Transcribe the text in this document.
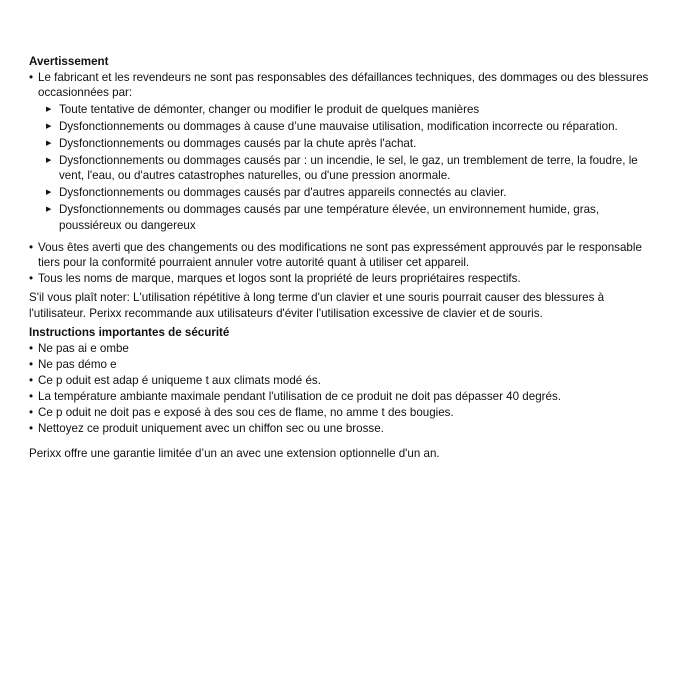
Avertissement
• Le fabricant et les revendeurs ne sont pas responsables des défaillances techniques, des dommages ou des blessures occasionnées par:
▶ Toute tentative de démonter, changer ou modifier le produit de quelques manières
▶ Dysfonctionnements ou dommages à cause d’une mauvaise utilisation, modification incorrecte ou réparation.
▶ Dysfonctionnements ou dommages causés par la chute après l'achat.
▶ Dysfonctionnements ou dommages causés par : un incendie, le sel, le gaz, un tremblement de terre, la foudre, le vent, l'eau, ou d'autres catastrophes naturelles, ou d'une pression anormale.
▶ Dysfonctionnements ou dommages causés par d'autres appareils connectés au clavier.
▶ Dysfonctionnements ou dommages causés par une température élevée, un environnement humide, gras, poussiéreux ou dangereux
• Vous êtes averti que des changements ou des modifications ne sont pas expressément approuvés par le responsable tiers pour la conformité pourraient annuler votre autorité quant à utiliser cet appareil.
• Tous les noms de marque, marques et logos sont la propriété de leurs propriétaires respectifs.

S'il vous plaît noter: L'utilisation répétitive à long terme d'un clavier et une souris pourrait causer des blessures à l'utilisateur. Perixx recommande aux utilisateurs d'éviter l'utilisation excessive de clavier et de souris.

Instructions importantes de sécurité
• Ne pas ai e ombe
• Ne pas démo e
• Ce p oduit est adap é uniqueme t aux climats modé és.
• La température ambiante maximale pendant l'utilisation de ce produit ne doit pas dépasser 40 degrés.
• Ce p oduit ne doit pas e exposé à des sou ces de flame, no amme t des bougies.
• Nettoyez ce produit uniquement avec un chiffon sec ou une brosse.

Perixx offre une garantie limitée d’un an avec une extension optionnelle d'un an.
